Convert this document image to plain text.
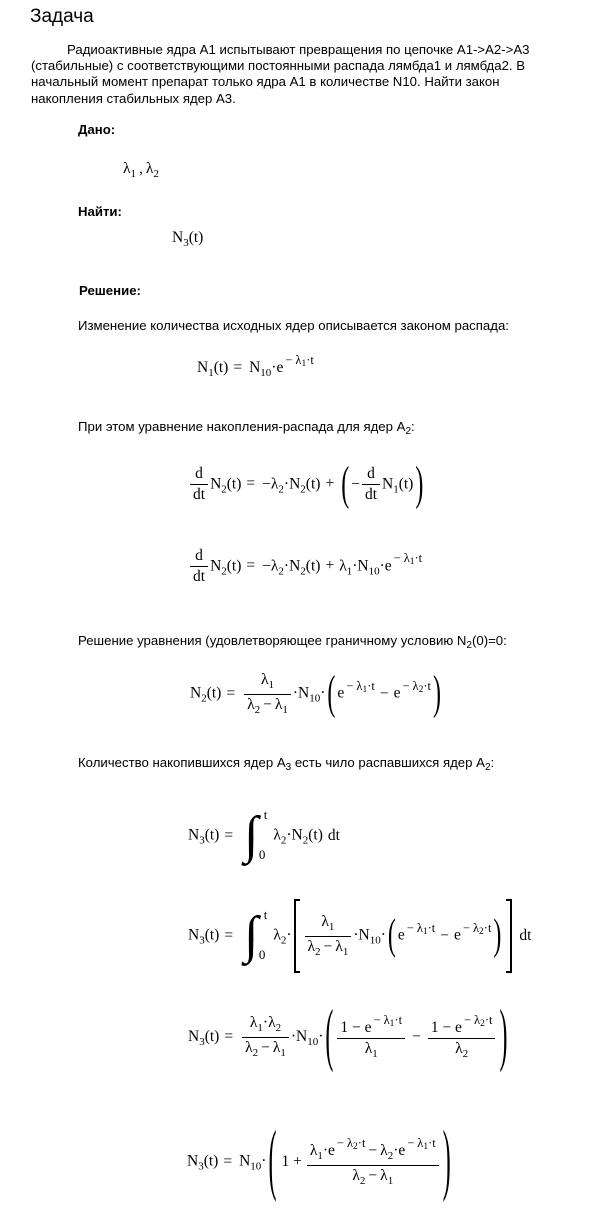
Задача
Радиоактивные ядра A1 испытывают превращения по цепочке A1->A2->A3
(стабильные) с соответствующими постоянными распада лямбда1 и лямбда2. В
начальный момент препарат только ядра A1 в количестве N10. Найти закон
накопления стабильных ядер A3.
Дано:
$\lambda_1$ , $\lambda_2$
Найти:
$N_3(t)$
Решение:
Изменение количества исходных ядер описывается законом распада:
$N_1(t) = N_{10}\cdot e - \lambda 1\cdot t$
При этом уравнение накопления-распада для ядер $A_2$:
$\frac{d}{dt} N_2(t) = -\lambda_2\cdot N_2(t)$ + ( − $\frac{d}{dt} N_1(t)$)
$\frac{d}{dt} N_2(t) = -\lambda_2\cdot N_2(t) + \lambda_1\cdot N_{10}\cdot e - \lambda 1\cdot t$
Решение уравнения (удовлетворяющее граничному условию $N_2(0)=0$:
$N_2(t) = \frac{\lambda_1}{\lambda_2 - \lambda_1} \cdot N_{10}\cdot$( e − λ1·t − e − λ2·t)
Количество накопившихся ядер $A_3$ есть чило распавшихся ядер $A_2$:
$N_3(t)$ = ∫ t
0
$\lambda_2\cdot N_2(t)$ dt
$N_3(t)$ = ∫ t
0
$\lambda_2\cdot \frac{\lambda_1}{\lambda_2 - \lambda_1} \cdot N_{10}\cdot$( e − λ1·t − e − λ2·t) dt
$N_3(t) = \frac{\lambda_1\cdot\lambda_2}{\lambda_2 - \lambda_1} \cdot N_{10}\cdot( \frac{1 - e - \lambda 1\cdot t}{\lambda_1} - \frac{1 - e - \lambda 2\cdot t}{\lambda_2}$ )
$N_3(t) = N_{10}\cdot$( $1 + \frac{\lambda_1\cdot e - \lambda 2\cdot t - \lambda_2\cdot e - \lambda 1\cdot t}{\lambda_2 - \lambda_1}$ )
